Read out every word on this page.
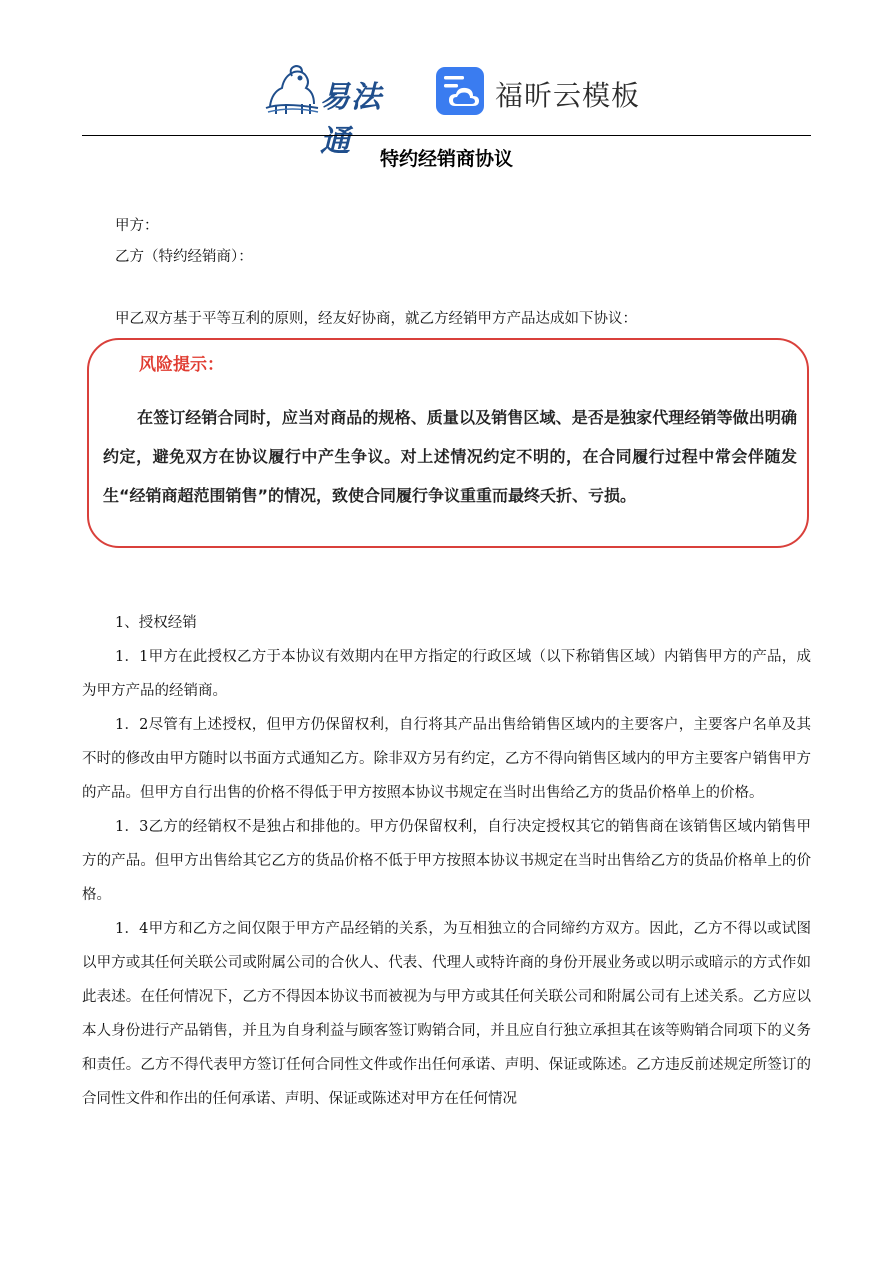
易法通
福昕云模板
特约经销商协议
甲方：
乙方（特约经销商）：
甲乙双方基于平等互利的原则，经友好协商，就乙方经销甲方产品达成如下协议：
风险提示：
在签订经销合同时，应当对商品的规格、质量以及销售区域、是否是独家代理经销等做出明确约定，避免双方在协议履行中产生争议。对上述情况约定不明的，在合同履行过程中常会伴随发生“经销商超范围销售”的情况，致使合同履行争议重重而最终夭折、亏损。

1、授权经销

1．1甲方在此授权乙方于本协议有效期内在甲方指定的行政区域（以下称销售区域）内销售甲方的产品，成为甲方产品的经销商。

1．2尽管有上述授权，但甲方仍保留权利，自行将其产品出售给销售区域内的主要客户，主要客户名单及其不时的修改由甲方随时以书面方式通知乙方。除非双方另有约定，乙方不得向销售区域内的甲方主要客户销售甲方的产品。但甲方自行出售的价格不得低于甲方按照本协议书规定在当时出售给乙方的货品价格单上的价格。

1．3乙方的经销权不是独占和排他的。甲方仍保留权利，自行决定授权其它的销售商在该销售区域内销售甲方的产品。但甲方出售给其它乙方的货品价格不低于甲方按照本协议书规定在当时出售给乙方的货品价格单上的价格。

1．4甲方和乙方之间仅限于甲方产品经销的关系，为互相独立的合同缔约方双方。因此，乙方不得以或试图以甲方或其任何关联公司或附属公司的合伙人、代表、代理人或特许商的身份开展业务或以明示或暗示的方式作如此表述。在任何情况下，乙方不得因本协议书而被视为与甲方或其任何关联公司和附属公司有上述关系。乙方应以本人身份进行产品销售，并且为自身利益与顾客签订购销合同，并且应自行独立承担其在该等购销合同项下的义务和责任。乙方不得代表甲方签订任何合同性文件或作出任何承诺、声明、保证或陈述。乙方违反前述规定所签订的合同性文件和作出的任何承诺、声明、保证或陈述对甲方在任何情况
